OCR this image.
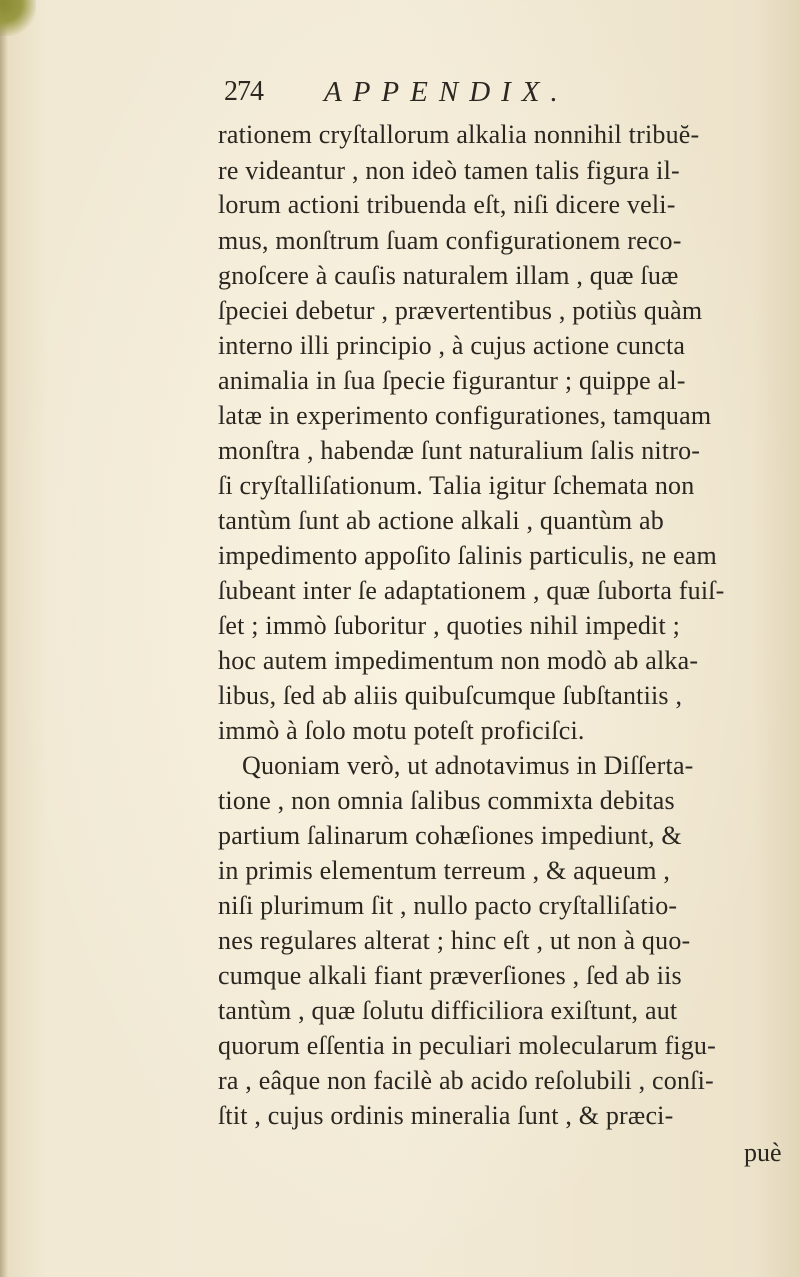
274 APPENDIX.
rationem cryſtallorum alkalia nonnihil tribuĕ-
re videantur , non ideò tamen talis figura il-
lorum actioni tribuenda eſt, niſi dicere veli-
mus, monſtrum ſuam configurationem reco-
gnoſcere à cauſis naturalem illam , quæ ſuæ
ſpeciei debetur , prævertentibus , potiùs quàm
interno illi principio , à cujus actione cuncta
animalia in ſua ſpecie figurantur ; quippe al-
latæ in experimento configurationes, tamquam
monſtra , habendæ ſunt naturalium ſalis nitro-
ſi cryſtalliſationum. Talia igitur ſchemata non
tantùm ſunt ab actione alkali , quantùm ab
impedimento appoſito ſalinis particulis, ne eam
ſubeant inter ſe adaptationem , quæ ſuborta fuiſ-
ſet ; immò ſuboritur , quoties nihil impedit ;
hoc autem impedimentum non modò ab alka-
libus, ſed ab aliis quibuſcumque ſubſtantiis ,
immò à ſolo motu poteſt proficiſci.
Quoniam verò, ut adnotavimus in Diſſerta-
tione , non omnia ſalibus commixta debitas
partium ſalinarum cohæſiones impediunt, &
in primis elementum terreum , & aqueum ,
niſi plurimum ſit , nullo pacto cryſtalliſatio-
nes regulares alterat ; hinc eſt , ut non à quo-
cumque alkali fiant præverſiones , ſed ab iis
tantùm , quæ ſolutu difficiliora exiſtunt, aut
quorum eſſentia in peculiari molecularum figu-
ra , eâque non facilè ab acido reſolubili , conſi-
ſtit , cujus ordinis mineralia ſunt , & præci-
puè
